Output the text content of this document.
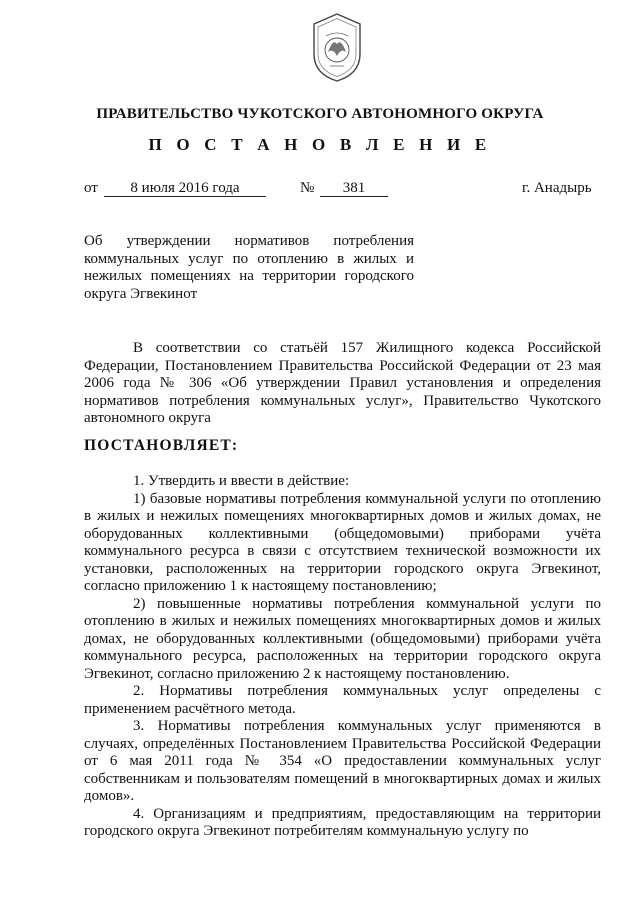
ПРАВИТЕЛЬСТВО ЧУКОТСКОГО АВТОНОМНОГО ОКРУГА
П О С Т А Н О В Л Е Н И Е
от	8 июля 2016 года	№	381	г. Анадырь
Об утверждении нормативов потребления коммунальных услуг по отоплению в жилых и нежилых помещениях на территории городского округа Эгвекинот

В соответствии со статьёй 157 Жилищного кодекса Российской Федерации, Постановлением Правительства Российской Федерации от 23 мая 2006 года № 306 «Об утверждении Правил установления и определения нормативов потребления коммунальных услуг», Правительство Чукотского автономного округа

ПОСТАНОВЛЯЕТ:

1. Утвердить и ввести в действие:

1) базовые нормативы потребления коммунальной услуги по отоплению в жилых и нежилых помещениях многоквартирных домов и жилых домах, не оборудованных коллективными (общедомовыми) приборами учёта коммунального ресурса в связи с отсутствием технической возможности их установки, расположенных на территории городского округа Эгвекинот, согласно приложению 1 к настоящему постановлению;

2) повышенные нормативы потребления коммунальной услуги по отоплению в жилых и нежилых помещениях многоквартирных домов и жилых домах, не оборудованных коллективными (общедомовыми) приборами учёта коммунального ресурса, расположенных на территории городского округа Эгвекинот, согласно приложению 2 к настоящему постановлению.

2. Нормативы потребления коммунальных услуг определены с применением расчётного метода.

3. Нормативы потребления коммунальных услуг применяются в случаях, определённых Постановлением Правительства Российской Федерации от 6 мая 2011 года № 354 «О предоставлении коммунальных услуг собственникам и пользователям помещений в многоквартирных домах и жилых домов».

4. Организациям и предприятиям, предоставляющим на территории городского округа Эгвекинот потребителям коммунальную услугу по
